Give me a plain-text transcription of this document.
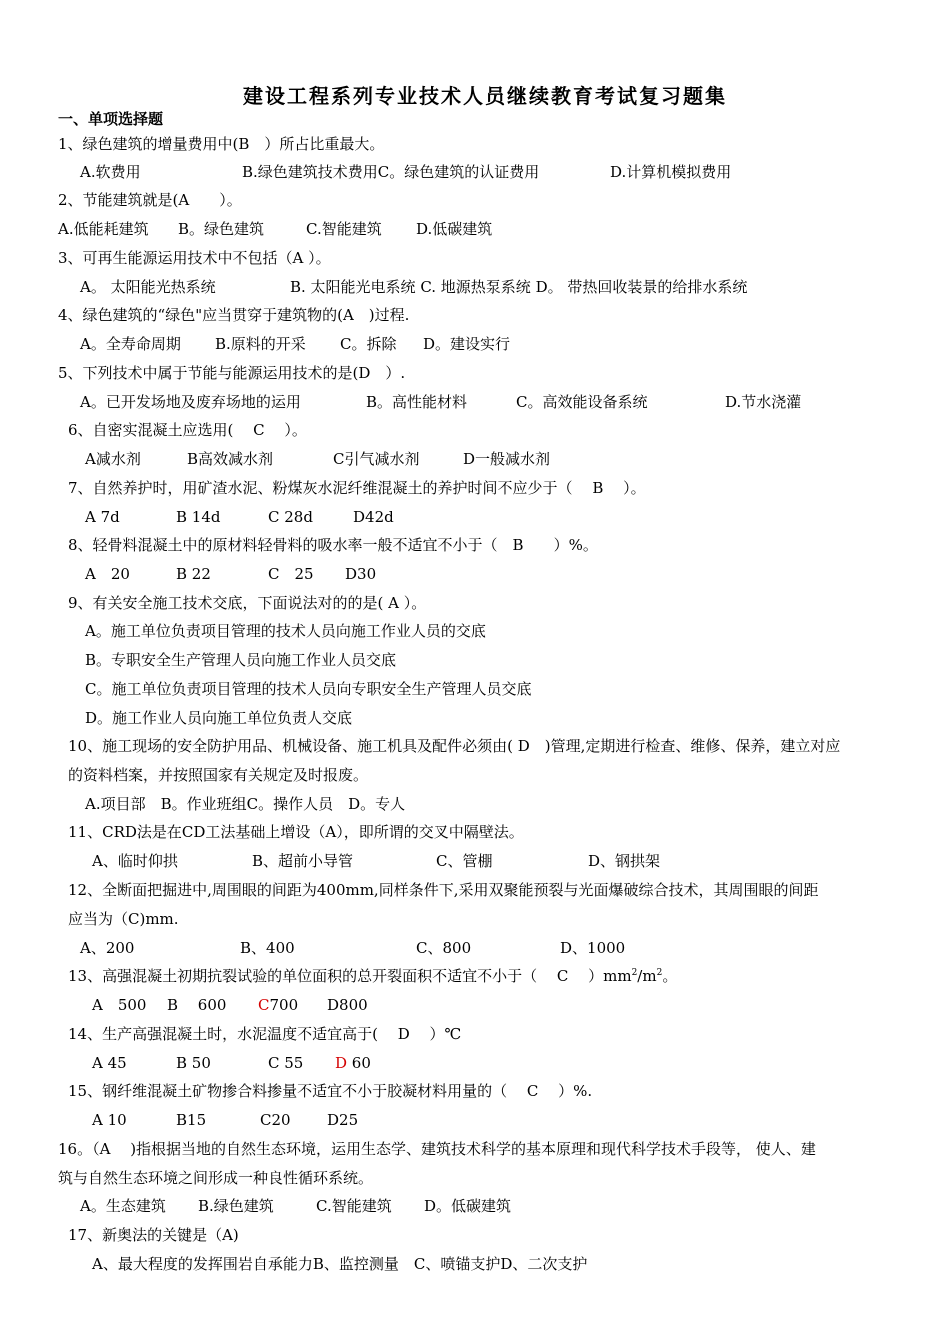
建设工程系列专业技术人员继续教育考试复习题集
一、单项选择题
1、绿色建筑的增量费用中(B　）所占比重最大。
A.软费用	B.绿色建筑技术费用C。绿色建筑的认证费用	D.计算机模拟费用
2、节能建筑就是(A　　）。
A.低能耗建筑 B。绿色建筑	C.智能建筑 D.低碳建筑
3、可再生能源运用技术中不包括（A ）。
A。 太阳能光热系统	B. 太阳能光电系统 C. 地源热泵系统 D。 带热回收装景的给排水系统
4、绿色建筑的“绿色"应当贯穿于建筑物的(A　)过程.
A。全寿命周期 B.原料的开采 C。拆除 D。建设实行
5、下列技术中属于节能与能源运用技术的是(D　）.
A。已开发场地及废弃场地的运用	B。高性能材料	C。高效能设备系统	D.节水浇灌
6、自密实混凝土应选用(　 C　 ）。
A减水剂	B高效减水剂	C引气减水剂	D一般减水剂
7、自然养护时，用矿渣水泥、粉煤灰水泥纤维混凝土的养护时间不应少于（　 B　 ）。
A 7d	B 14d	C 28d	D42d
8、轻骨料混凝土中的原材料轻骨料的吸水率一般不适宜不小于（　B　　）%。
A　20	B 22	C　25 D30
9、有关安全施工技术交底，下面说法对的的是( A ）。
A。施工单位负责项目管理的技术人员向施工作业人员的交底
B。专职安全生产管理人员向施工作业人员交底
C。施工单位负责项目管理的技术人员向专职安全生产管理人员交底
D。施工作业人员向施工单位负责人交底
10、施工现场的安全防护用品、机械设备、施工机具及配件必须由( D　)管理,定期进行检查、维修、保养，建立对应
的资料档案，并按照国家有关规定及时报废。
A.项目部　B。作业班组C。操作人员　D。专人
11、CRD法是在CD工法基础上增设（A），即所谓的交叉中隔壁法。
A、临时仰拱	B、超前小导管	C、管棚	D、钢拱架
12、全断面把掘进中,周围眼的间距为400mm,同样条件下,采用双聚能预裂与光面爆破综合技术，其周围眼的间距
应当为（C)mm.
A、200	B、400	C、800	D、1000
13、高强混凝土初期抗裂试验的单位面积的总开裂面积不适宜不小于（　 C　 ）$mm^2/m^2$。
A　500 B　 600 C700 D800
14、生产高强混凝土时，水泥温度不适宜高于(　 D　 ）℃
A 45	B 50	C 55 D 60
15、钢纤维混凝土矿物掺合料掺量不适宜不小于胶凝材料用量的（　 C　 ）%.
A 10	B15	C20 D25
16。（A　 )指根据当地的自然生态环境，运用生态学、建筑技术科学的基本原理和现代科学技术手段等， 使人、建
筑与自然生态环境之间形成一种良性循环系统。
A。生态建筑 B.绿色建筑	C.智能建筑 D。低碳建筑
17、新奥法的关键是（A)
A、最大程度的发挥围岩自承能力B、监控测量　C、喷锚支护D、二次支护
